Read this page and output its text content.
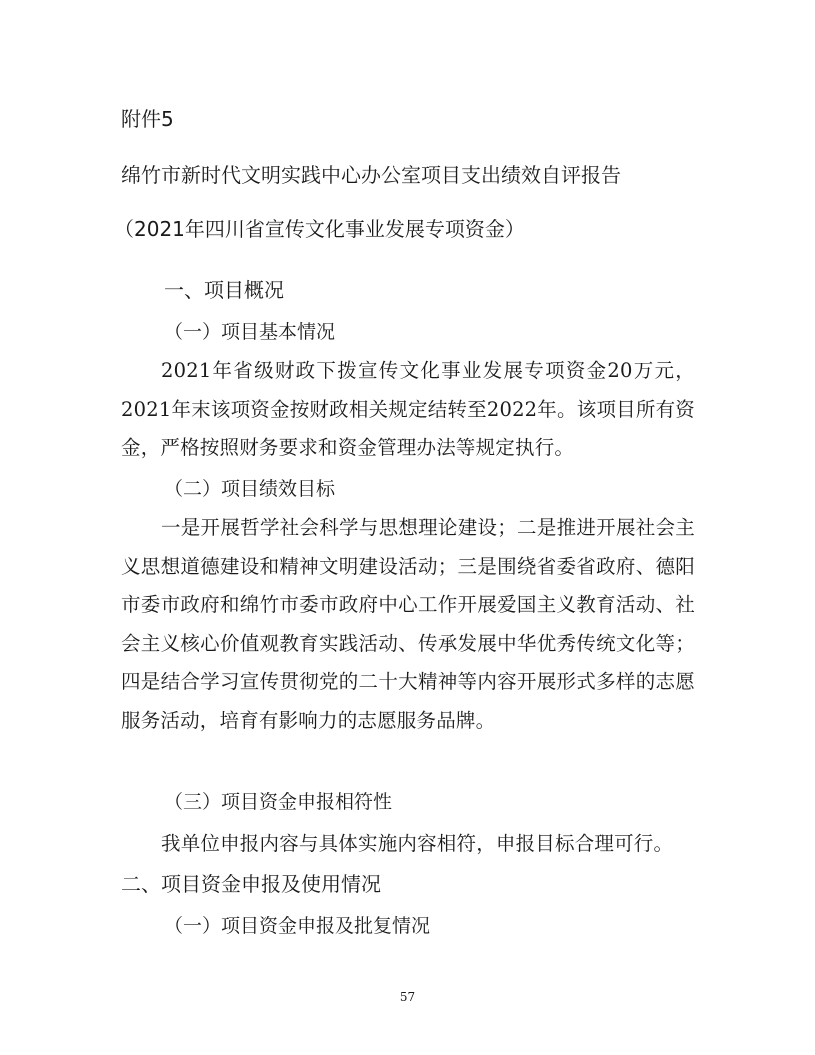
附件5
绵竹市新时代文明实践中心办公室项目支出绩效自评报告
（2021年四川省宣传文化事业发展专项资金）
一、项目概况
（一）项目基本情况
2021年省级财政下拨宣传文化事业发展专项资金20万元，2021年末该项资金按财政相关规定结转至2022年。该项目所有资金，严格按照财务要求和资金管理办法等规定执行。
（二）项目绩效目标
一是开展哲学社会科学与思想理论建设；二是推进开展社会主义思想道德建设和精神文明建设活动；三是围绕省委省政府、德阳市委市政府和绵竹市委市政府中心工作开展爱国主义教育活动、社会主义核心价值观教育实践活动、传承发展中华优秀传统文化等；四是结合学习宣传贯彻党的二十大精神等内容开展形式多样的志愿服务活动，培育有影响力的志愿服务品牌。
（三）项目资金申报相符性
我单位申报内容与具体实施内容相符，申报目标合理可行。
二、项目资金申报及使用情况
（一）项目资金申报及批复情况
57
